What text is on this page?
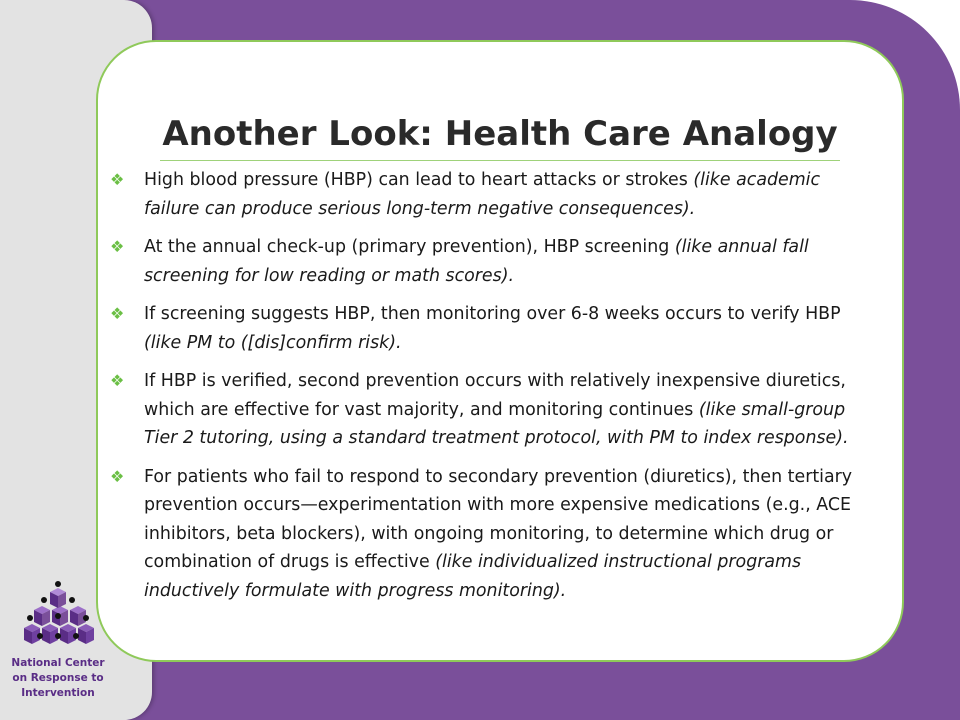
Another Look: Health Care Analogy
❖ High blood pressure (HBP) can lead to heart attacks or strokes (like academic failure can produce serious long-term negative consequences).
❖ At the annual check-up (primary prevention), HBP screening (like annual fall screening for low reading or math scores).
❖ If screening suggests HBP, then monitoring over 6-8 weeks occurs to verify HBP (like PM to ([dis]confirm risk).
❖ If HBP is verified, second prevention occurs with relatively inexpensive diuretics, which are effective for vast majority, and monitoring continues (like small-group Tier 2 tutoring, using a standard treatment protocol, with PM to index response).
❖ For patients who fail to respond to secondary prevention (diuretics), then tertiary prevention occurs—experimentation with more expensive medications (e.g., ACE inhibitors, beta blockers), with ongoing monitoring, to determine which drug or combination of drugs is effective (like individualized instructional programs inductively formulate with progress monitoring).
National Center
on Response to
Intervention
